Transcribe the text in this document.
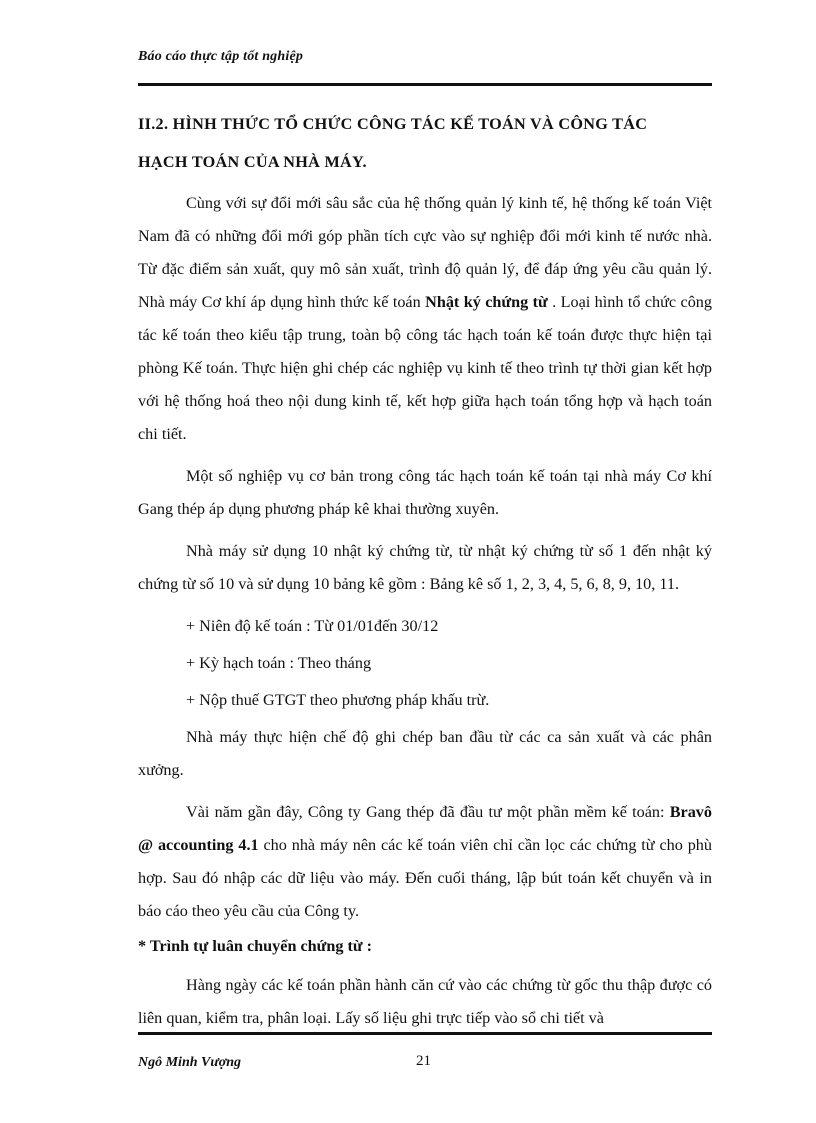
Báo cáo thực tập tốt nghiệp
II.2. HÌNH THỨC TỔ CHỨC CÔNG TÁC KẾ TOÁN VÀ CÔNG TÁC
HẠCH TOÁN CỦA NHÀ MÁY.

Cùng với sự đổi mới sâu sắc của hệ thống quản lý kinh tế, hệ thống kế toán Việt Nam đã có những đổi mới góp phần tích cực vào sự nghiệp đổi mới kinh tế nước nhà. Từ đặc điểm sản xuất, quy mô sản xuất, trình độ quản lý, để đáp ứng yêu cầu quản lý. Nhà máy Cơ khí áp dụng hình thức kế toán Nhật ký chứng từ . Loại hình tổ chức công tác kế toán theo kiểu tập trung, toàn bộ công tác hạch toán kế toán được thực hiện tại phòng Kế toán. Thực hiện ghi chép các nghiệp vụ kinh tế theo trình tự thời gian kết hợp với hệ thống hoá theo nội dung kinh tế, kết hợp giữa hạch toán tổng hợp và hạch toán chi tiết.

Một số nghiệp vụ cơ bản trong công tác hạch toán kế toán tại nhà máy Cơ khí Gang thép áp dụng phương pháp kê khai thường xuyên.

Nhà máy sử dụng 10 nhật ký chứng từ, từ nhật ký chứng từ số 1 đến nhật ký chứng từ số 10 và sử dụng 10 bảng kê gồm : Bảng kê số 1, 2, 3, 4, 5, 6, 8, 9, 10, 11.

+ Niên độ kế toán : Từ 01/01đến 30/12

+ Kỳ hạch toán : Theo tháng

+ Nộp thuế GTGT theo phương pháp khấu trừ.

Nhà máy thực hiện chế độ ghi chép ban đầu từ các ca sản xuất và các phân xưởng.

Vài năm gần đây, Công ty Gang thép đã đầu tư một phần mềm kế toán: Bravô @ accounting 4.1 cho nhà máy nên các kế toán viên chỉ cần lọc các chứng từ cho phù hợp. Sau đó nhập các dữ liệu vào máy. Đến cuối tháng, lập bút toán kết chuyển và in báo cáo theo yêu cầu của Công ty.

* Trình tự luân chuyển chứng từ :

Hàng ngày các kế toán phần hành căn cứ vào các chứng từ gốc thu thập được có liên quan, kiểm tra, phân loại. Lấy số liệu ghi trực tiếp vào sổ chi tiết và

Ngô Minh Vượng	21
